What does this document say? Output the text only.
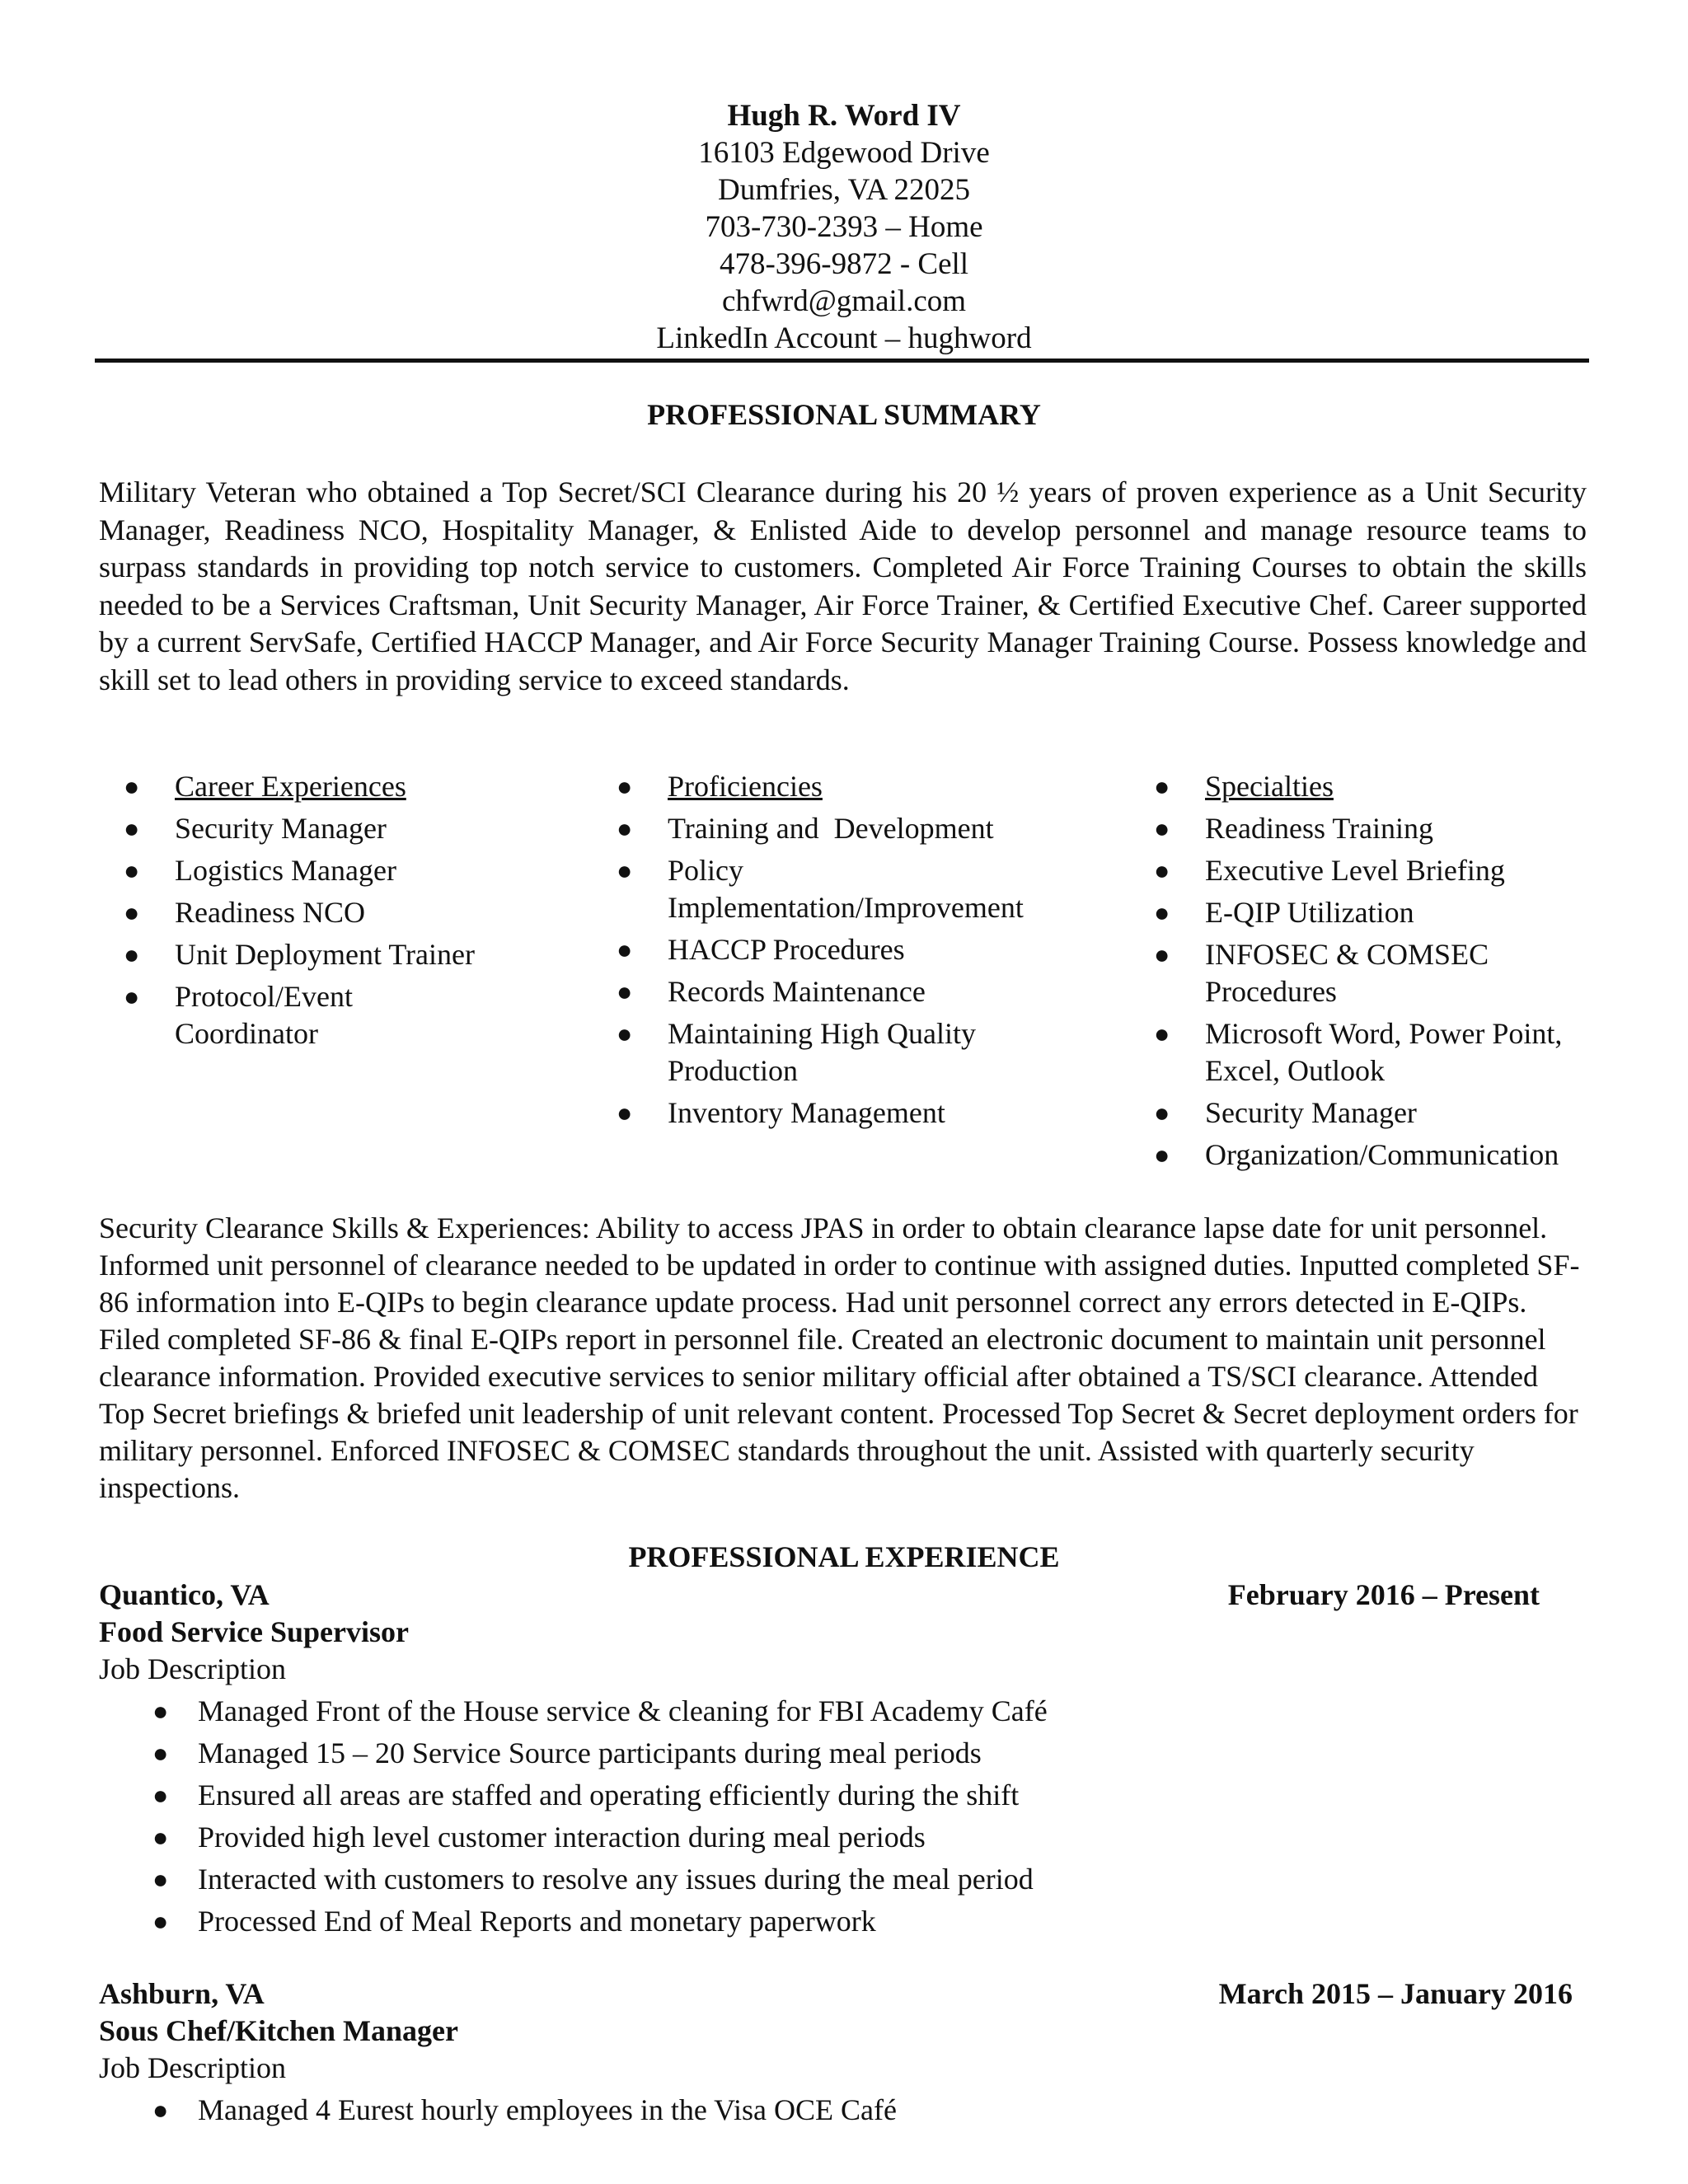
Hugh R. Word IV
16103 Edgewood Drive
Dumfries, VA 22025
703-730-2393 – Home
478-396-9872 - Cell
chfwrd@gmail.com
LinkedIn Account – hughword
PROFESSIONAL SUMMARY
Military Veteran who obtained a Top Secret/SCI Clearance during his 20 ½ years of proven experience as a Unit Security Manager, Readiness NCO, Hospitality Manager, & Enlisted Aide to develop personnel and manage resource teams to surpass standards in providing top notch service to customers. Completed Air Force Training Courses to obtain the skills needed to be a Services Craftsman, Unit Security Manager, Air Force Trainer, & Certified Executive Chef. Career supported by a current ServSafe, Certified HACCP Manager, and Air Force Security Manager Training Course. Possess knowledge and skill set to lead others in providing service to exceed standards.
● Career Experiences
● Security Manager
● Logistics Manager
● Readiness NCO
● Unit Deployment Trainer
● Protocol/Event Coordinator
● Proficiencies
● Training and  Development
● Policy Implementation/Improvement
● HACCP Procedures
● Records Maintenance
● Maintaining High Quality Production
● Inventory Management
● Specialties
● Readiness Training
● Executive Level Briefing
● E-QIP Utilization
● INFOSEC & COMSEC Procedures
● Microsoft Word, Power Point, Excel, Outlook
● Security Manager
● Organization/Communication
Security Clearance Skills & Experiences: Ability to access JPAS in order to obtain clearance lapse date for unit personnel. Informed unit personnel of clearance needed to be updated in order to continue with assigned duties. Inputted completed SF-86 information into E-QIPs to begin clearance update process. Had unit personnel correct any errors detected in E-QIPs. Filed completed SF-86 & final E-QIPs report in personnel file. Created an electronic document to maintain unit personnel clearance information. Provided executive services to senior military official after obtained a TS/SCI clearance. Attended Top Secret briefings & briefed unit leadership of unit relevant content. Processed Top Secret & Secret deployment orders for military personnel. Enforced INFOSEC & COMSEC standards throughout the unit. Assisted with quarterly security inspections.
PROFESSIONAL EXPERIENCE
Quantico, VA	February 2016 – Present
Food Service Supervisor
Job Description
● Managed Front of the House service & cleaning for FBI Academy Café
● Managed 15 – 20 Service Source participants during meal periods
● Ensured all areas are staffed and operating efficiently during the shift
● Provided high level customer interaction during meal periods
● Interacted with customers to resolve any issues during the meal period
● Processed End of Meal Reports and monetary paperwork
Ashburn, VA	March 2015 – January 2016
Sous Chef/Kitchen Manager
Job Description
● Managed 4 Eurest hourly employees in the Visa OCE Café
